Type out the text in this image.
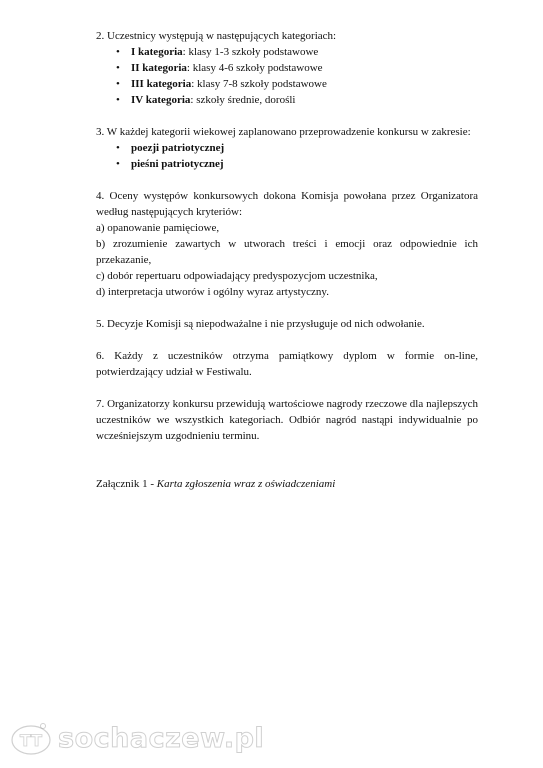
2. Uczestnicy występują w następujących kategoriach:

• I kategoria: klasy 1-3 szkoły podstawowe
• II kategoria: klasy 4-6 szkoły podstawowe
• III kategoria: klasy 7-8 szkoły podstawowe
• IV kategoria: szkoły średnie, dorośli

3. W każdej kategorii wiekowej zaplanowano przeprowadzenie konkursu w zakresie:

• poezji patriotycznej
• pieśni patriotycznej

4. Oceny występów konkursowych dokona Komisja powołana przez Organizatora według następujących kryteriów:

a) opanowanie pamięciowe,

b) zrozumienie zawartych w utworach treści i emocji oraz odpowiednie ich przekazanie,

c) dobór repertuaru odpowiadający predyspozycjom uczestnika,

d) interpretacja utworów i ogólny wyraz artystyczny.

5. Decyzje Komisji są niepodważalne i nie przysługuje od nich odwołanie.

6. Każdy z uczestników otrzyma pamiątkowy dyplom w formie on-line, potwierdzający udział w Festiwalu.

7. Organizatorzy konkursu przewidują wartościowe nagrody rzeczowe dla najlepszych uczestników we wszystkich kategoriach. Odbiór nagród nastąpi indywidualnie po wcześniejszym uzgodnieniu terminu.

Załącznik 1 - Karta zgłoszenia wraz z oświadczeniami

TT sochaczew.pl
